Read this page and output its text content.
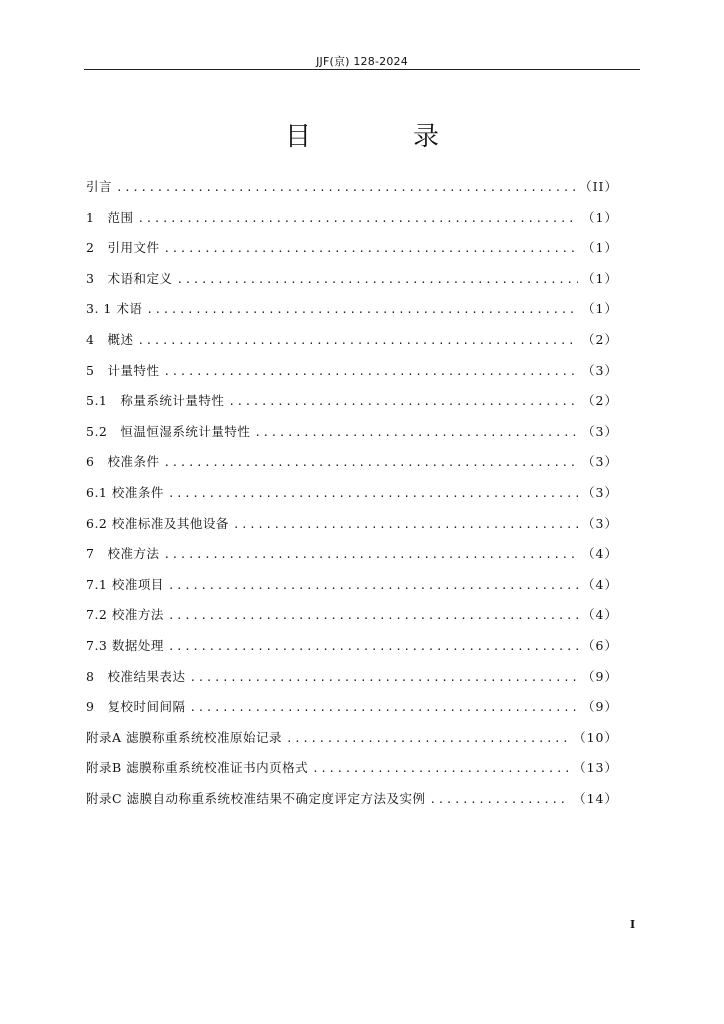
JJF(京) 128-2024
目　录
引言 .....	（II）
1　范围 .....	（1）
2　引用文件 .....	（1）
3　术语和定义 .....	（1）
3. 1 术语 .....	（1）
4　概述 .....	（2）
5　计量特性 .....	（3）
5.1　称量系统计量特性 .....	（2）
5.2　恒温恒湿系统计量特性 .....	（3）
6　校准条件 .....	（3）
6.1 校准条件 .....	（3）
6.2 校准标准及其他设备 .....	（3）
7　校准方法 .....	（4）
7.1 校准项目 .....	（4）
7.2 校准方法 .....	（4）
7.3 数据处理 .....	（6）
8　校准结果表达 .....	（9）
9　复校时间间隔 .....	（9）
附录A 滤膜称重系统校准原始记录 .....	（10）
附录B 滤膜称重系统校准证书内页格式 .....	（13）
附录C 滤膜自动称重系统校准结果不确定度评定方法及实例 .....	（14）
I
